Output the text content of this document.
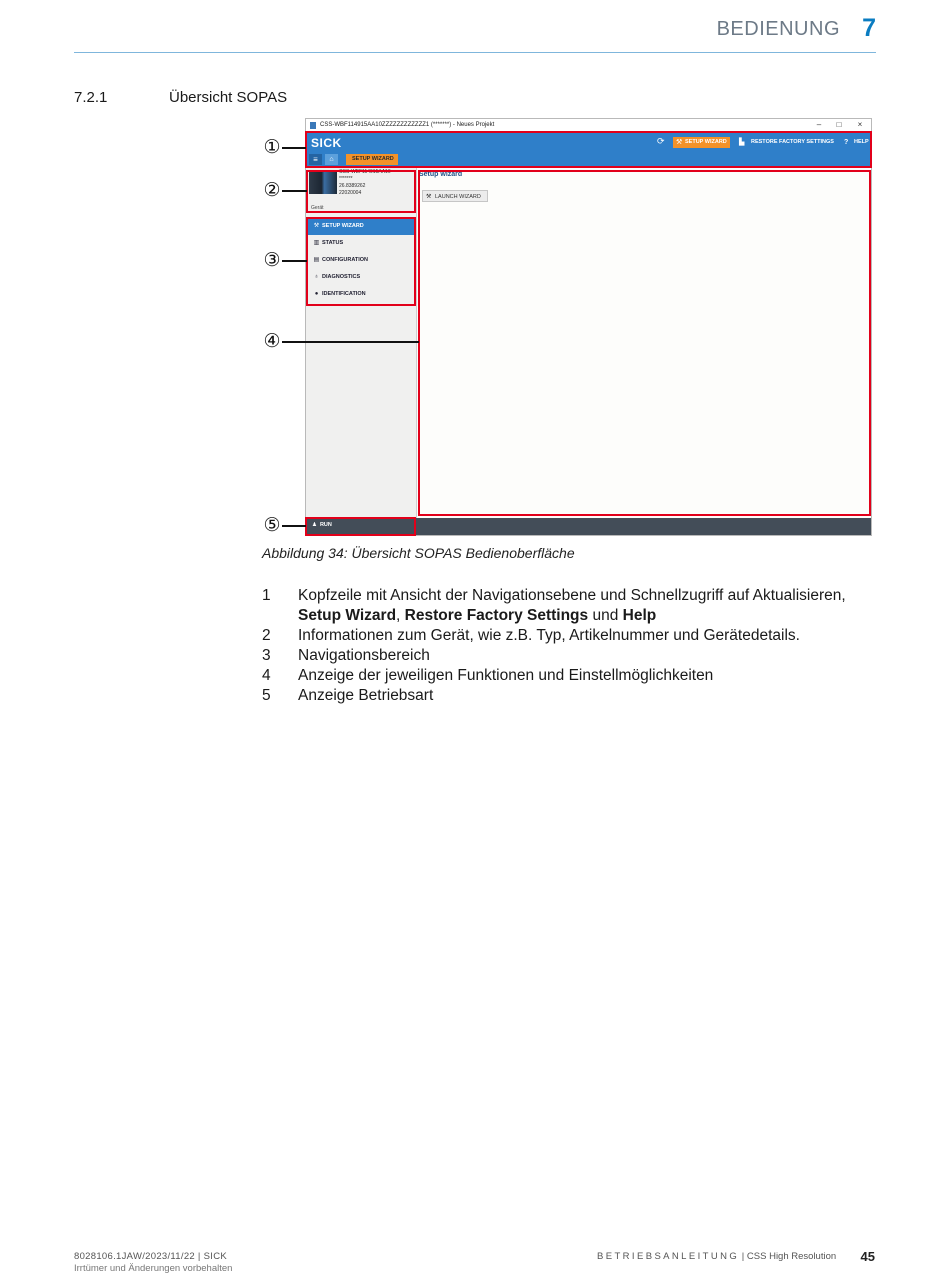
BEDIENUNG 7
7.2.1	Übersicht SOPAS
CSS-WBF114915AA10ZZZZZZZZZZZZ1 (*******) - Neues Projekt	–	□	×
SICK	⟳ ⚒ SETUP WIZARD	▙ RESTORE FACTORY SETTINGS ? HELP
≡	⌂	SETUP WIZARD
CSS-WBF114915AA10
*******
26.8389262
22020004
Gerät
⚒ SETUP WIZARD
▥ STATUS
▤ CONFIGURATION
♁ DIAGNOSTICS
● IDENTIFICATION
Setup wizard
⚒ LAUNCH WIZARD
♟ RUN
①
②
③
④
⑤
Abbildung 34: Übersicht SOPAS Bedienoberfläche
1 Kopfzeile mit Ansicht der Navigationsebene und Schnellzugriff auf Aktualisieren,
Setup Wizard, Restore Factory Settings und Help
2 Informationen zum Gerät, wie z.B. Typ, Artikelnummer und Gerätedetails.
3 Navigationsbereich
4 Anzeige der jeweiligen Funktionen und Einstellmöglichkeiten
5 Anzeige Betriebsart
8028106.1JAW/2023/11/22 | SICK
Irrtümer und Änderungen vorbehalten
BETRIEBSANLEITUNG | CSS High Resolution 45
